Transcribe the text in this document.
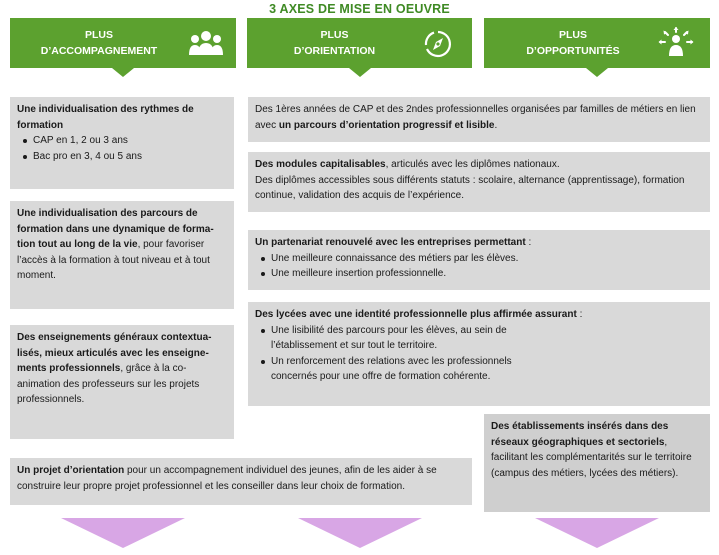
3 AXES DE MISE EN OEUVRE
PLUS
D’ACCOMPAGNEMENT
PLUS
D’ORIENTATION
PLUS
D’OPPORTUNITÉS
Une individualisation des rythmes de formation
CAP en 1, 2 ou 3 ans
Bac pro en 3, 4 ou 5 ans
Une individualisation des parcours de formation dans une dynamique de forma-tion tout au long de la vie, pour favoriser l’accès à la formation à tout niveau et à tout moment.
Des enseignements généraux contextua-lisés, mieux articulés avec les enseigne-ments professionnels, grâce à la co-animation des professeurs sur les projets professionnels.
Des 1ères années de CAP et des 2ndes professionnelles organisées par familles de métiers en lien avec un parcours d’orientation progressif et lisible.
Des modules capitalisables, articulés avec les diplômes nationaux.
Des diplômes accessibles sous différents statuts : scolaire, alternance (apprentissage), formation continue, validation des acquis de l’expérience.
Un partenariat renouvelé avec les entreprises permettant :
Une meilleure connaissance des métiers par les élèves.
Une meilleure insertion professionnelle.
Des lycées avec une identité professionnelle plus affirmée assurant :
Une lisibilité des parcours pour les élèves, au sein de l’établissement et sur tout le territoire.
Un renforcement des relations avec les professionnels concernés pour une offre de formation cohérente.
Des établissements insérés dans des réseaux géographiques et sectoriels, facilitant les complémentarités sur le territoire (campus des métiers, lycées des métiers).
Un projet d’orientation pour un accompagnement individuel des jeunes, afin de les aider à se construire leur propre projet professionnel et les conseiller dans leur choix de formation.
